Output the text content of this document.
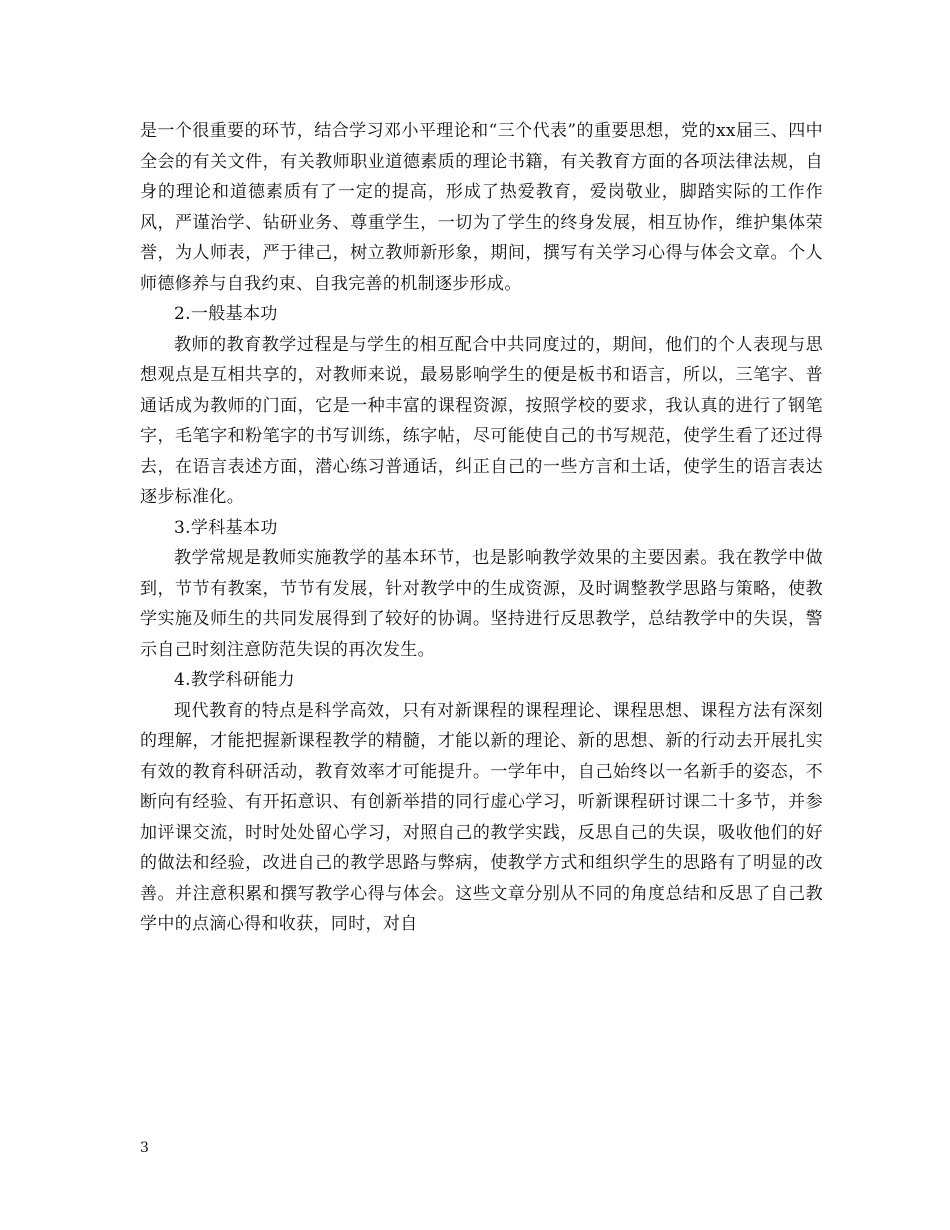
是一个很重要的环节，结合学习邓小平理论和“三个代表”的重要思想，党的xx届三、四中全会的有关文件，有关教师职业道德素质的理论书籍，有关教育方面的各项法律法规，自身的理论和道德素质有了一定的提高，形成了热爱教育，爱岗敬业，脚踏实际的工作作风，严谨治学、钻研业务、尊重学生，一切为了学生的终身发展，相互协作，维护集体荣誉，为人师表，严于律己，树立教师新形象，期间，撰写有关学习心得与体会文章。个人师德修养与自我约束、自我完善的机制逐步形成。

2.一般基本功

教师的教育教学过程是与学生的相互配合中共同度过的，期间，他们的个人表现与思想观点是互相共享的，对教师来说，最易影响学生的便是板书和语言，所以，三笔字、普通话成为教师的门面，它是一种丰富的课程资源，按照学校的要求，我认真的进行了钢笔字，毛笔字和粉笔字的书写训练，练字帖，尽可能使自己的书写规范，使学生看了还过得去，在语言表述方面，潜心练习普通话，纠正自己的一些方言和土话，使学生的语言表达逐步标准化。

3.学科基本功

教学常规是教师实施教学的基本环节，也是影响教学效果的主要因素。我在教学中做到，节节有教案，节节有发展，针对教学中的生成资源，及时调整教学思路与策略，使教学实施及师生的共同发展得到了较好的协调。坚持进行反思教学，总结教学中的失误，警示自己时刻注意防范失误的再次发生。

4.教学科研能力

现代教育的特点是科学高效，只有对新课程的课程理论、课程思想、课程方法有深刻的理解，才能把握新课程教学的精髓，才能以新的理论、新的思想、新的行动去开展扎实有效的教育科研活动，教育效率才可能提升。一学年中，自己始终以一名新手的姿态，不断向有经验、有开拓意识、有创新举措的同行虚心学习，听新课程研讨课二十多节，并参加评课交流，时时处处留心学习，对照自己的教学实践，反思自己的失误，吸收他们的好的做法和经验，改进自己的教学思路与弊病，使教学方式和组织学生的思路有了明显的改善。并注意积累和撰写教学心得与体会。这些文章分别从不同的角度总结和反思了自己教学中的点滴心得和收获，同时，对自

3
